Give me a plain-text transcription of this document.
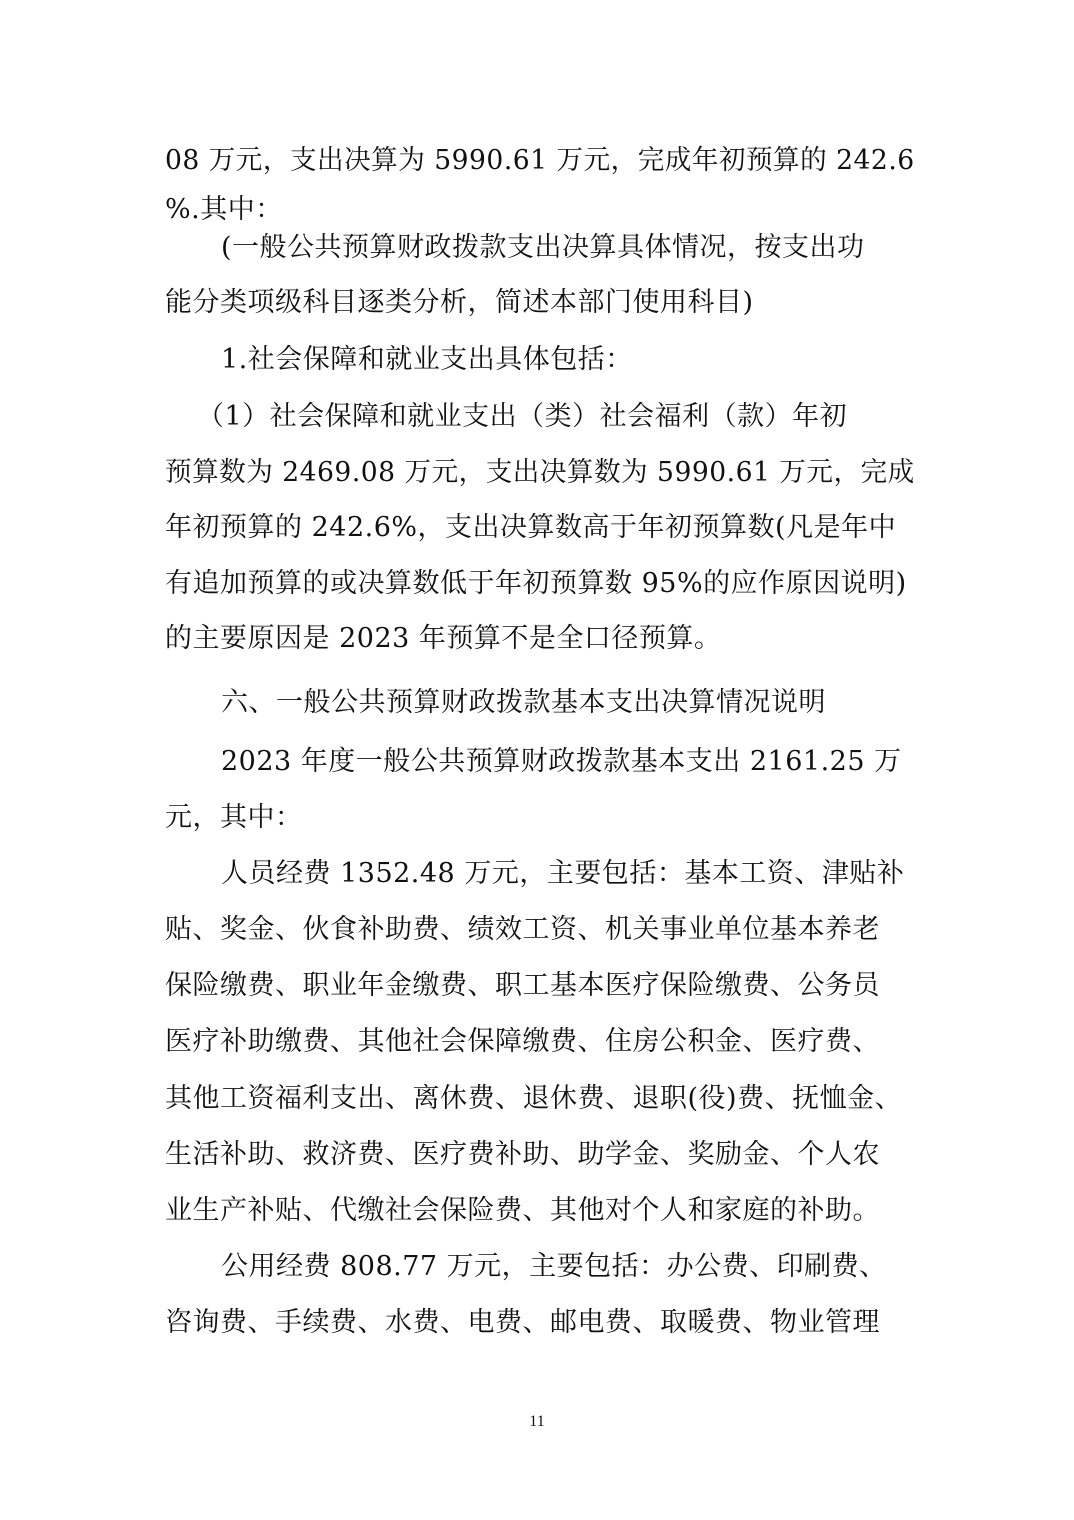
08 万元，支出决算为 5990.61 万元，完成年初预算的 242.6
%.其中：
(一般公共预算财政拨款支出决算具体情况，按支出功
能分类项级科目逐类分析，简述本部门使用科目)
1.社会保障和就业支出具体包括：
（1）社会保障和就业支出（类）社会福利（款）年初
预算数为 2469.08 万元，支出决算数为 5990.61 万元，完成
年初预算的 242.6%，支出决算数高于年初预算数(凡是年中
有追加预算的或决算数低于年初预算数 95%的应作原因说明)
的主要原因是 2023 年预算不是全口径预算。
六、一般公共预算财政拨款基本支出决算情况说明
2023 年度一般公共预算财政拨款基本支出 2161.25 万
元，其中：
人员经费 1352.48 万元，主要包括：基本工资、津贴补
贴、奖金、伙食补助费、绩效工资、机关事业单位基本养老
保险缴费、职业年金缴费、职工基本医疗保险缴费、公务员
医疗补助缴费、其他社会保障缴费、住房公积金、医疗费、
其他工资福利支出、离休费、退休费、退职(役)费、抚恤金、
生活补助、救济费、医疗费补助、助学金、奖励金、个人农
业生产补贴、代缴社会保险费、其他对个人和家庭的补助。
公用经费 808.77 万元，主要包括：办公费、印刷费、
咨询费、手续费、水费、电费、邮电费、取暖费、物业管理
11
